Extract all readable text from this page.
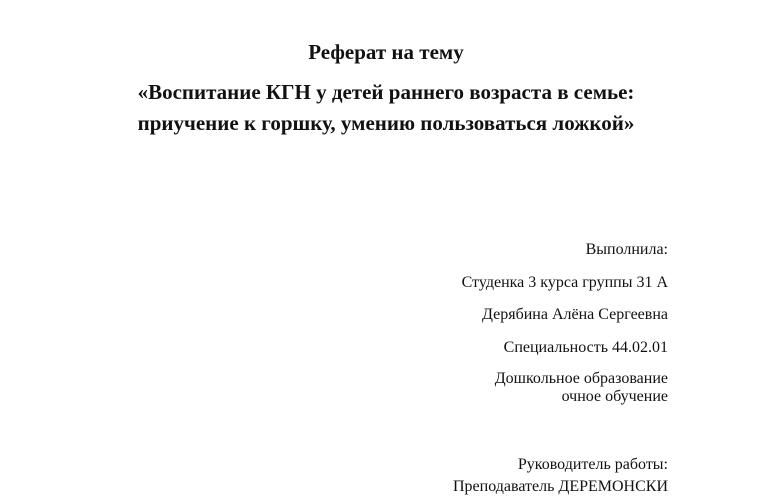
Реферат на тему
«Воспитание КГН у детей раннего возраста в семье:
приучение к горшку, умению пользоваться ложкой»
Выполнила:
Студенка 3 курса группы 31 А
Дерябина Алёна Сергеевна
Специальность 44.02.01
Дошкольное образование
очное обучение
Руководитель работы:
Преподаватель ДЕРЕМОНСКИ
